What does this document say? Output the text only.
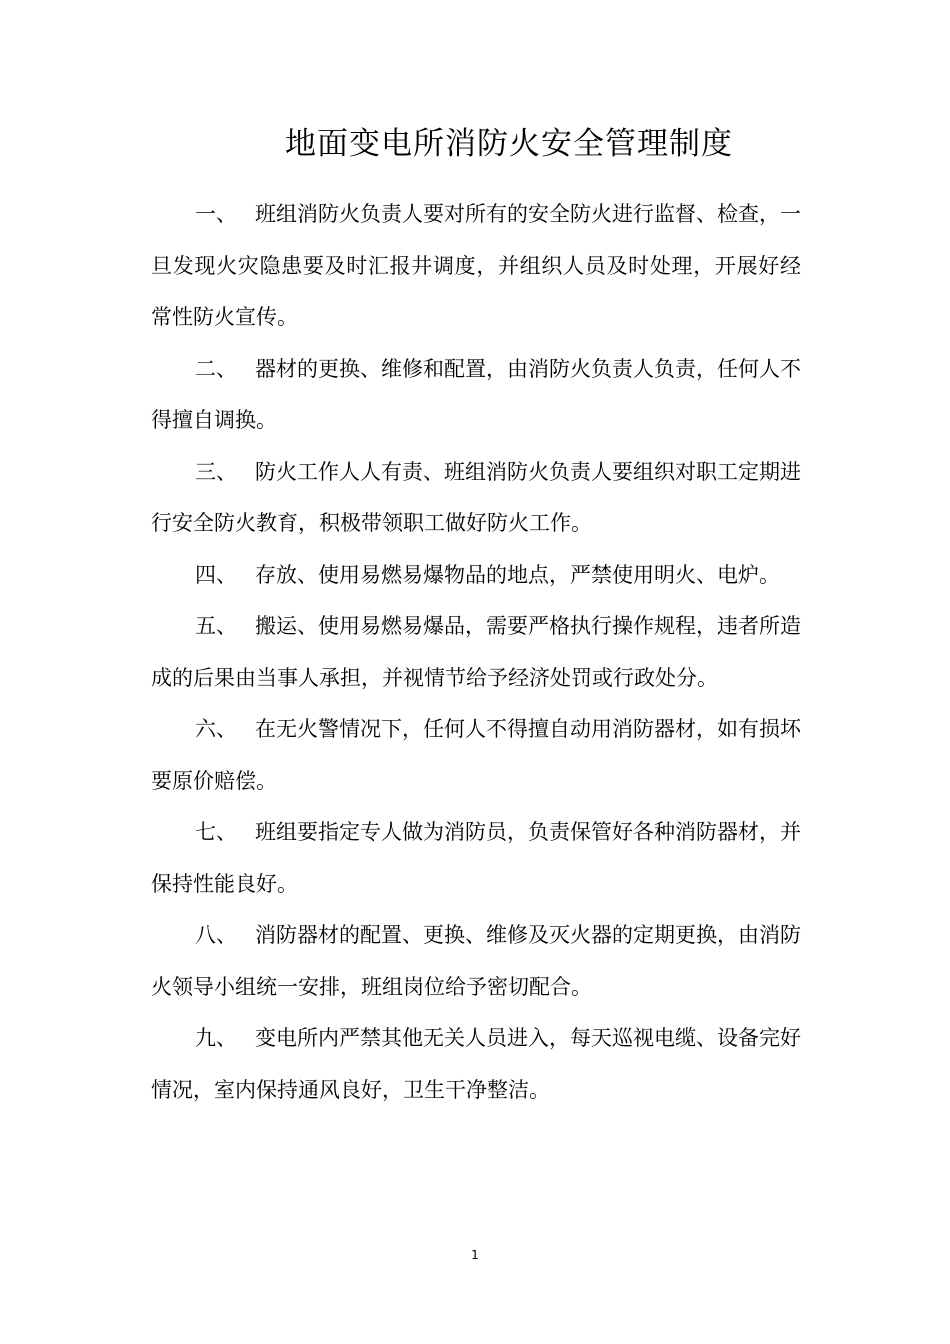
地面变电所消防火安全管理制度

一、 班组消防火负责人要对所有的安全防火进行监督、检查，一旦发现火灾隐患要及时汇报井调度，并组织人员及时处理，开展好经常性防火宣传。

二、 器材的更换、维修和配置，由消防火负责人负责，任何人不得擅自调换。

三、 防火工作人人有责、班组消防火负责人要组织对职工定期进行安全防火教育，积极带领职工做好防火工作。

四、 存放、使用易燃易爆物品的地点，严禁使用明火、电炉。

五、 搬运、使用易燃易爆品，需要严格执行操作规程，违者所造成的后果由当事人承担，并视情节给予经济处罚或行政处分。

六、 在无火警情况下，任何人不得擅自动用消防器材，如有损坏要原价赔偿。

七、 班组要指定专人做为消防员，负责保管好各种消防器材，并保持性能良好。

八、 消防器材的配置、更换、维修及灭火器的定期更换，由消防火领导小组统一安排，班组岗位给予密切配合。

九、 变电所内严禁其他无关人员进入，每天巡视电缆、设备完好情况，室内保持通风良好，卫生干净整洁。

1
